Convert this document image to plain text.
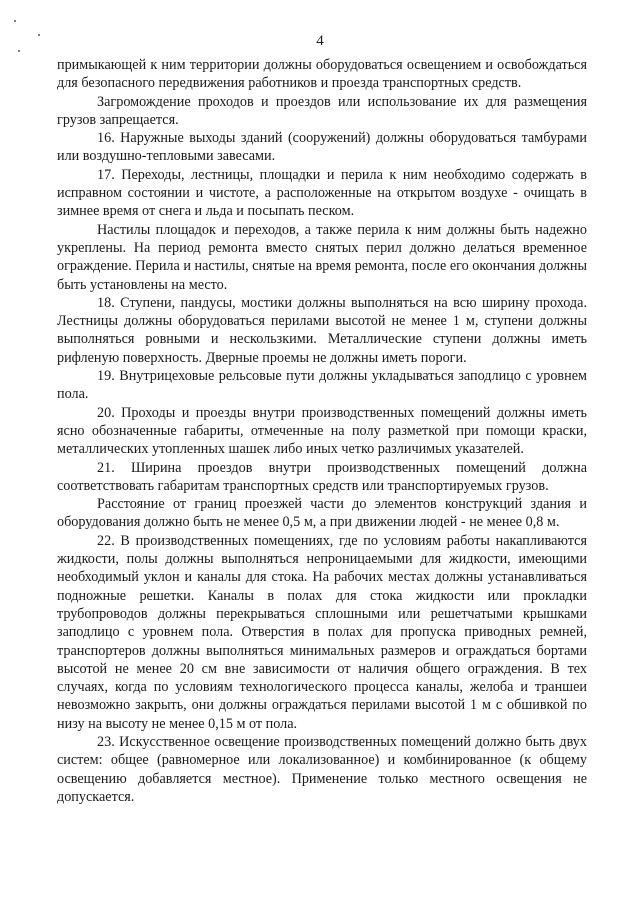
4

примыкающей к ним территории должны оборудоваться освещением и освобождаться для безопасного передвижения работников и проезда транспортных средств.

Загромождение проходов и проездов или использование их для размещения грузов запрещается.

16. Наружные выходы зданий (сооружений) должны оборудоваться тамбурами или воздушно-тепловыми завесами.

17. Переходы, лестницы, площадки и перила к ним необходимо содержать в исправном состоянии и чистоте, а расположенные на открытом воздухе - очищать в зимнее время от снега и льда и посыпать песком.

Настилы площадок и переходов, а также перила к ним должны быть надежно укреплены. На период ремонта вместо снятых перил должно делаться временное ограждение. Перила и настилы, снятые на время ремонта, после его окончания должны быть установлены на место.

18. Ступени, пандусы, мостики должны выполняться на всю ширину прохода. Лестницы должны оборудоваться перилами высотой не менее 1 м, ступени должны выполняться ровными и нескользкими. Металлические ступени должны иметь рифленую поверхность. Дверные проемы не должны иметь пороги.

19. Внутрицеховые рельсовые пути должны укладываться заподлицо с уровнем пола.

20. Проходы и проезды внутри производственных помещений должны иметь ясно обозначенные габариты, отмеченные на полу разметкой при помощи краски, металлических утопленных шашек либо иных четко различимых указателей.

21. Ширина проездов внутри производственных помещений должна соответствовать габаритам транспортных средств или транспортируемых грузов.

Расстояние от границ проезжей части до элементов конструкций здания и оборудования должно быть не менее 0,5 м, а при движении людей - не менее 0,8 м.

22. В производственных помещениях, где по условиям работы накапливаются жидкости, полы должны выполняться непроницаемыми для жидкости, имеющими необходимый уклон и каналы для стока. На рабочих местах должны устанавливаться подножные решетки. Каналы в полах для стока жидкости или прокладки трубопроводов должны перекрываться сплошными или решетчатыми крышками заподлицо с уровнем пола. Отверстия в полах для пропуска приводных ремней, транспортеров должны выполняться минимальных размеров и ограждаться бортами высотой не менее 20 см вне зависимости от наличия общего ограждения. В тех случаях, когда по условиям технологического процесса каналы, желоба и траншеи невозможно закрыть, они должны ограждаться перилами высотой 1 м с обшивкой по низу на высоту не менее 0,15 м от пола.

23. Искусственное освещение производственных помещений должно быть двух систем: общее (равномерное или локализованное) и комбинированное (к общему освещению добавляется местное). Применение только местного освещения не допускается.
